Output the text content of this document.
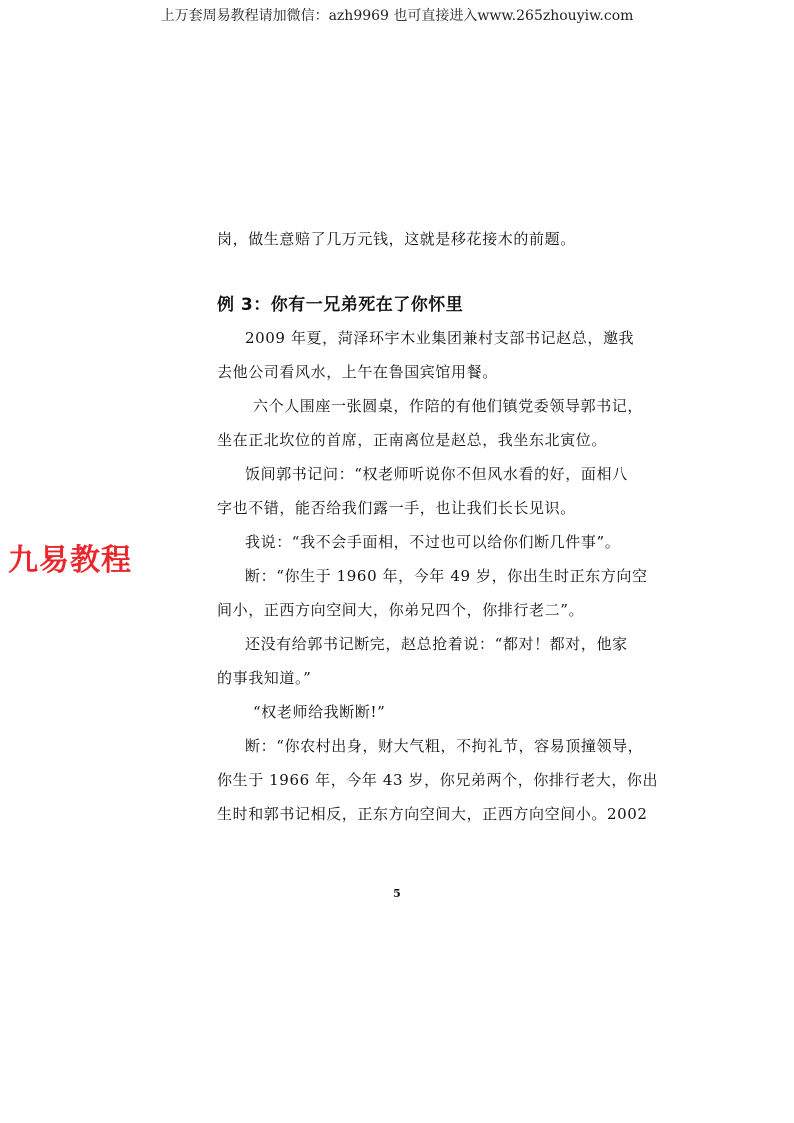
上万套周易教程请加微信：azh9969 也可直接进入www.265zhouyiw.com
九易教程
岗，做生意赔了几万元钱，这就是移花接木的前题。
例 3：你有一兄弟死在了你怀里
2009 年夏，菏泽环宇木业集团兼村支部书记赵总，邀我
去他公司看风水，上午在鲁国宾馆用餐。
六个人围座一张圆桌，作陪的有他们镇党委领导郭书记，
坐在正北坎位的首席，正南离位是赵总，我坐东北寅位。
饭间郭书记问：“权老师听说你不但风水看的好，面相八
字也不错，能否给我们露一手，也让我们长长见识。
我说：“我不会手面相，不过也可以给你们断几件事”。
断：“你生于 1960 年，今年 49 岁，你出生时正东方向空
间小，正西方向空间大，你弟兄四个，你排行老二”。
还没有给郭书记断完，赵总抢着说：“都对！都对，他家
的事我知道。”
“权老师给我断断!”
断：“你农村出身，财大气粗，不拘礼节，容易顶撞领导，
你生于 1966 年，今年 43 岁，你兄弟两个，你排行老大，你出
生时和郭书记相反，正东方向空间大，正西方向空间小。2002
5
